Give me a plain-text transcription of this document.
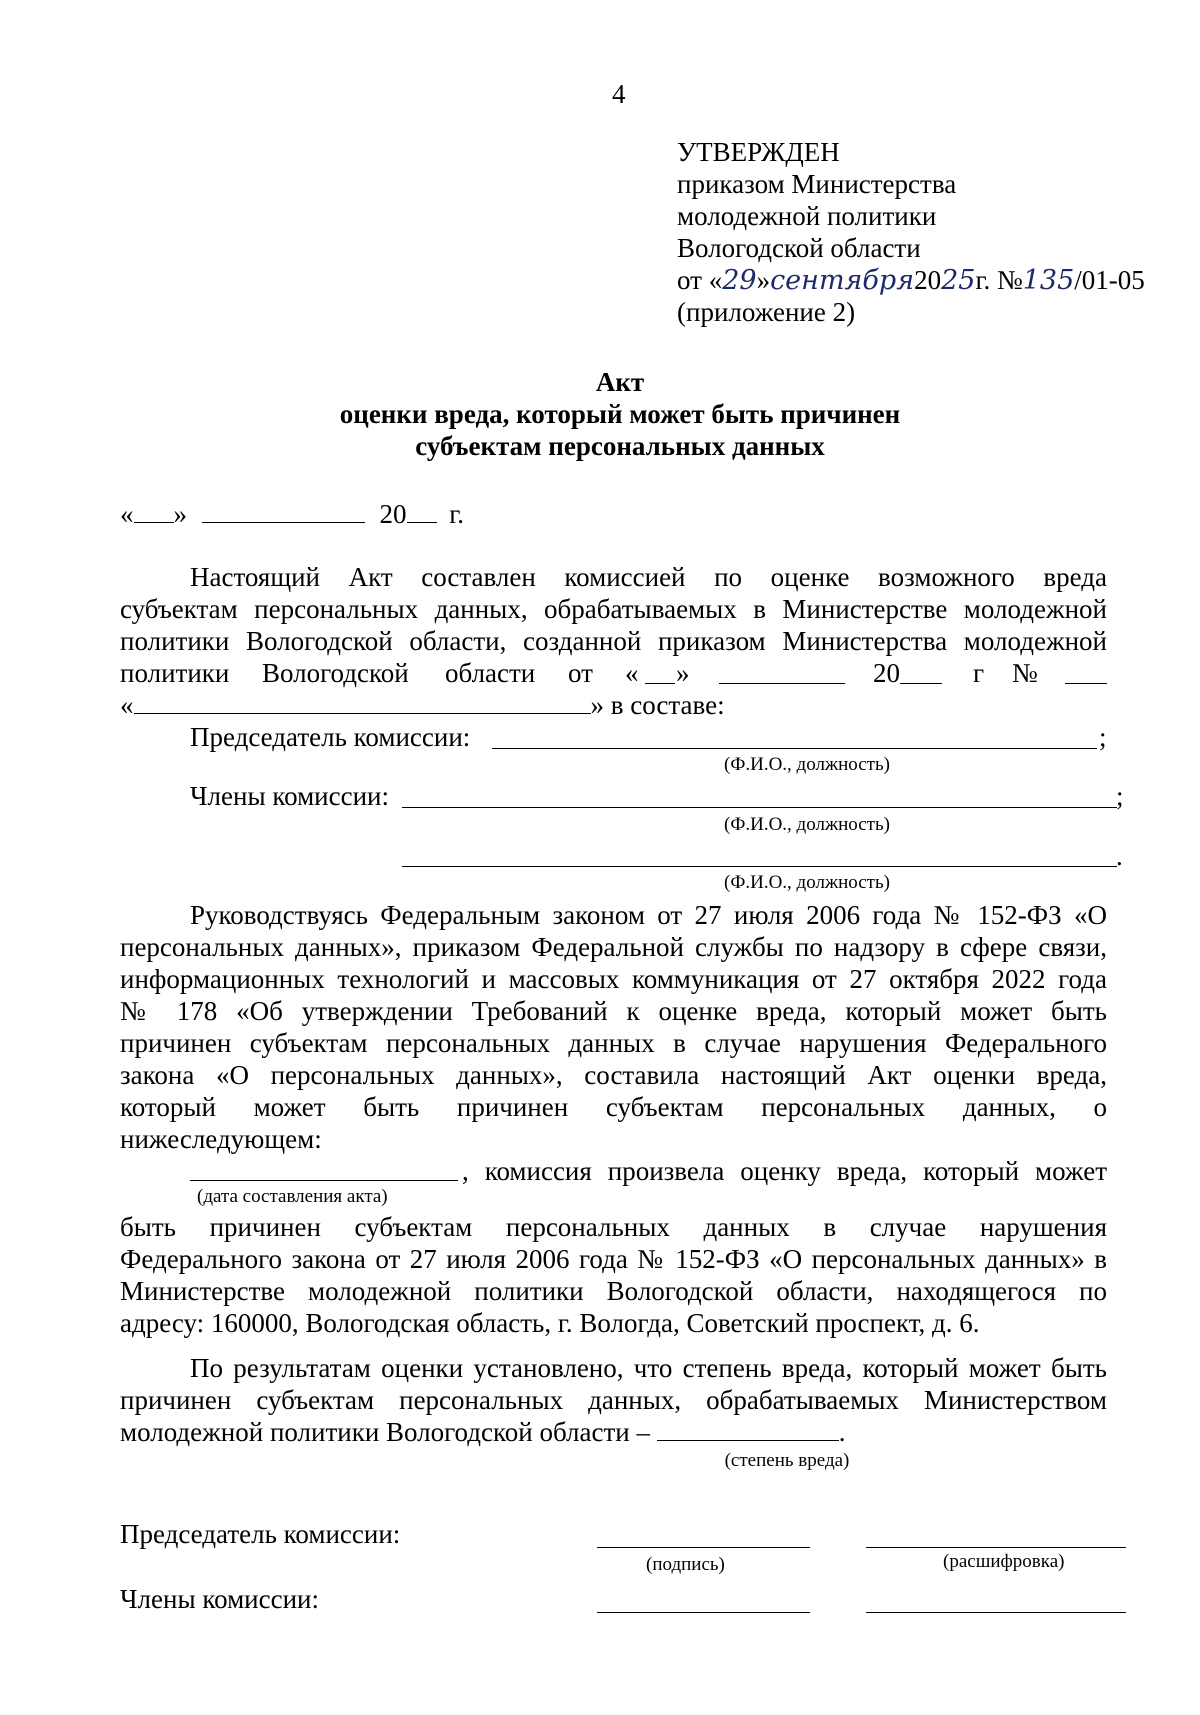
4
УТВЕРЖДЕН
приказом Министерства
молодежной политики
Вологодской области
от «29»сентября2025г. №135/01-05
(приложение 2)
Акт
оценки вреда, который может быть причинен
субъектам персональных данных
« »	20 г.
Настоящий Акт составлен комиссией по оценке возможного вреда
субъектам персональных данных, обрабатываемых в Министерстве молодежной
политики Вологодской области, созданной приказом Министерства молодежной
политики Вологодской области от « »	20	г №
«	» в составе:
Председатель комиссии:	;
(Ф.И.О., должность)
Члены комиссии:	;
(Ф.И.О., должность)
.
(Ф.И.О., должность)
Руководствуясь Федеральным законом от 27 июля 2006 года № 152-ФЗ «О
персональных данных», приказом Федеральной службы по надзору в сфере связи,
информационных технологий и массовых коммуникация от 27 октября 2022 года
№ 178 «Об утверждении Требований к оценке вреда, который может быть
причинен субъектам персональных данных в случае нарушения Федерального
закона «О персональных данных», составила настоящий Акт оценки вреда,
который может быть причинен субъектам персональных данных, о
нижеследующем:
, комиссия произвела оценку вреда, который может
(дата составления акта)
быть причинен субъектам персональных данных в случае нарушения
Федерального закона от 27 июля 2006 года № 152-ФЗ «О персональных данных» в
Министерстве молодежной политики Вологодской области, находящегося по
адресу: 160000, Вологодская область, г. Вологда, Советский проспект, д. 6.
По результатам оценки установлено, что степень вреда, который может быть
причинен субъектам персональных данных, обрабатываемых Министерством
молодежной политики Вологодской области –	.
(степень вреда)
Председатель комиссии:
(подпись)	(расшифровка)
Члены комиссии:
